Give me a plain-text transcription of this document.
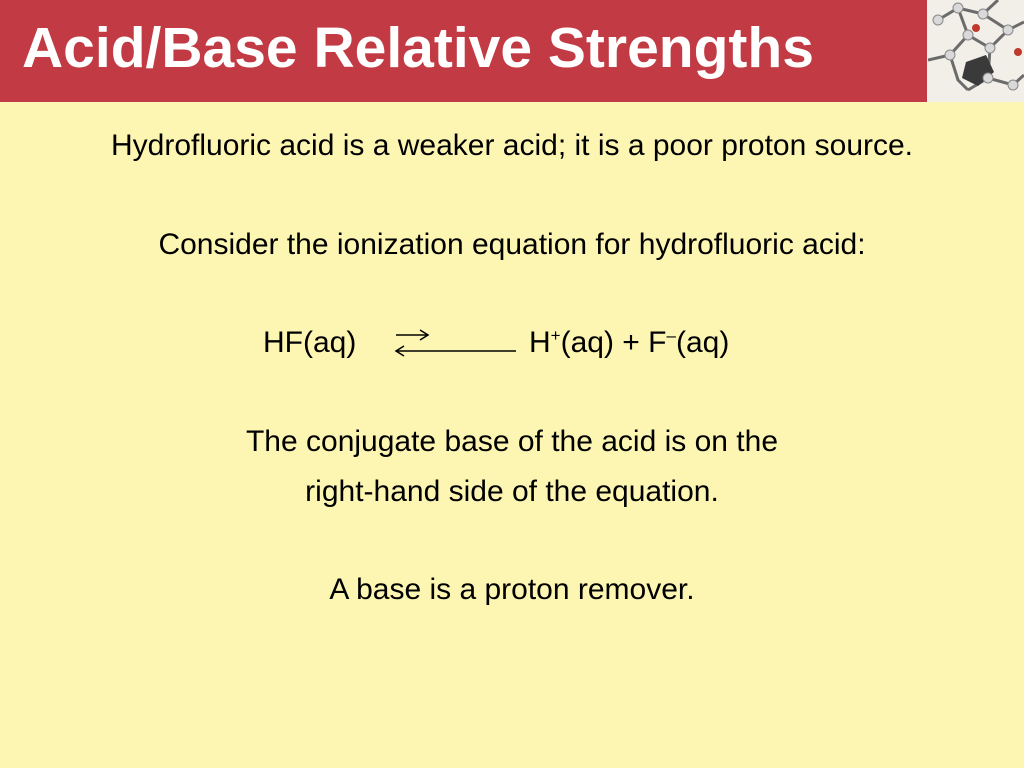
Acid/Base Relative Strengths
Hydrofluoric acid is a weaker acid; it is a poor proton source.
Consider the ionization equation for hydrofluoric acid:
HF(aq)	H+(aq) + F–(aq)
The conjugate base of the acid is on the
right-hand side of the equation.
A base is a proton remover.
